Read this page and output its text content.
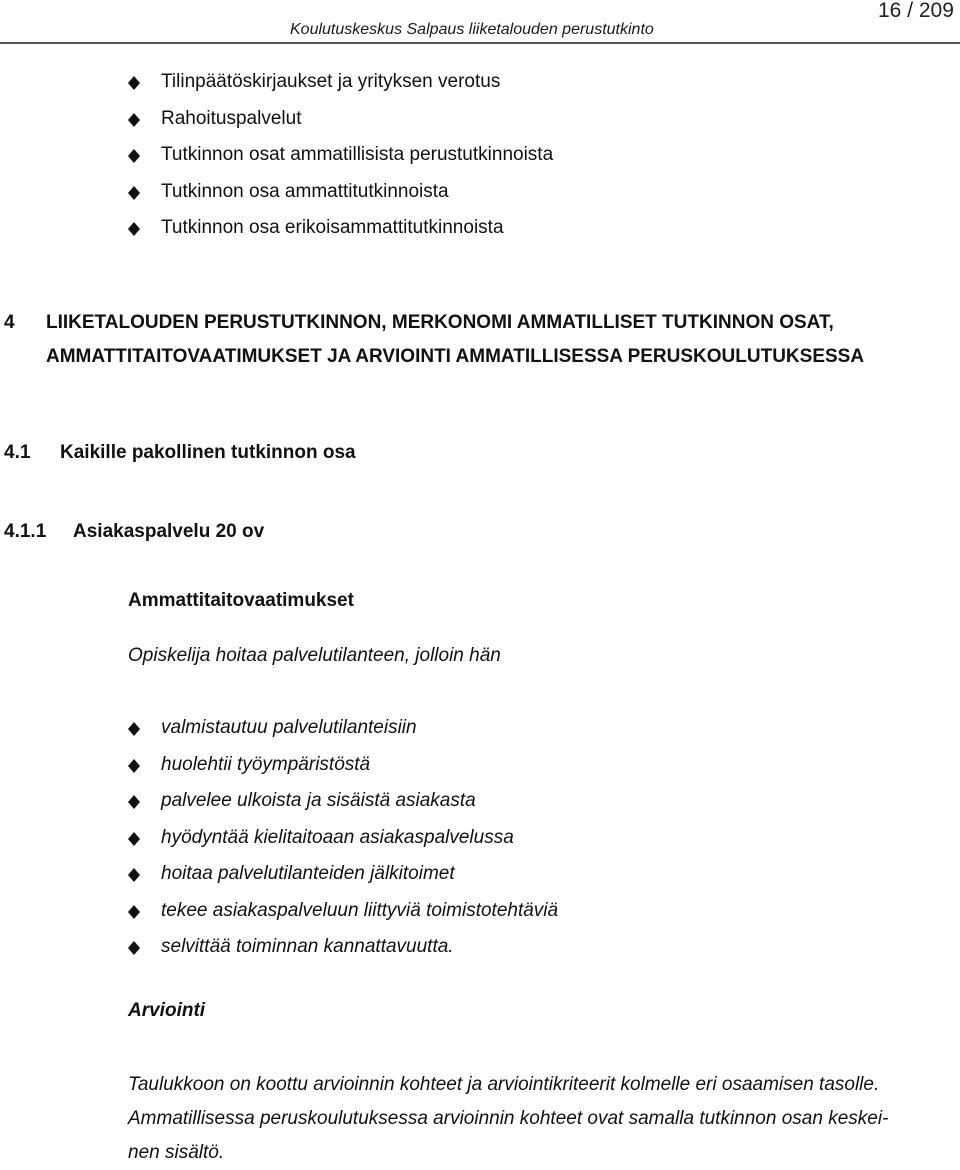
Koulutuskeskus Salpaus liiketalouden perustutkinto
16 / 209
Tilinpäätöskirjaukset ja yrityksen verotus
Rahoituspalvelut
Tutkinnon osat ammatillisista perustutkinnoista
Tutkinnon osa ammattitutkinnoista
Tutkinnon osa erikoisammattitutkinnoista
4 LIIKETALOUDEN PERUSTUTKINNON, MERKONOMI AMMATILLISET TUTKINNON OSAT,
AMMATTITAITOVAATIMUKSET JA ARVIOINTI AMMATILLISESSA PERUSKOULUTUKSESSA
4.1 Kaikille pakollinen tutkinnon osa
4.1.1 Asiakaspalvelu 20 ov
Ammattitaitovaatimukset
Opiskelija hoitaa palvelutilanteen, jolloin hän
valmistautuu palvelutilanteisiin
huolehtii työympäristöstä
palvelee ulkoista ja sisäistä asiakasta
hyödyntää kielitaitoaan asiakaspalvelussa
hoitaa palvelutilanteiden jälkitoimet
tekee asiakaspalveluun liittyviä toimistotehtäviä
selvittää toiminnan kannattavuutta.
Arviointi
Taulukkoon on koottu arvioinnin kohteet ja arviointikriteerit kolmelle eri osaamisen tasolle.
Ammatillisessa peruskoulutuksessa arvioinnin kohteet ovat samalla tutkinnon osan keskei-
nen sisältö.
